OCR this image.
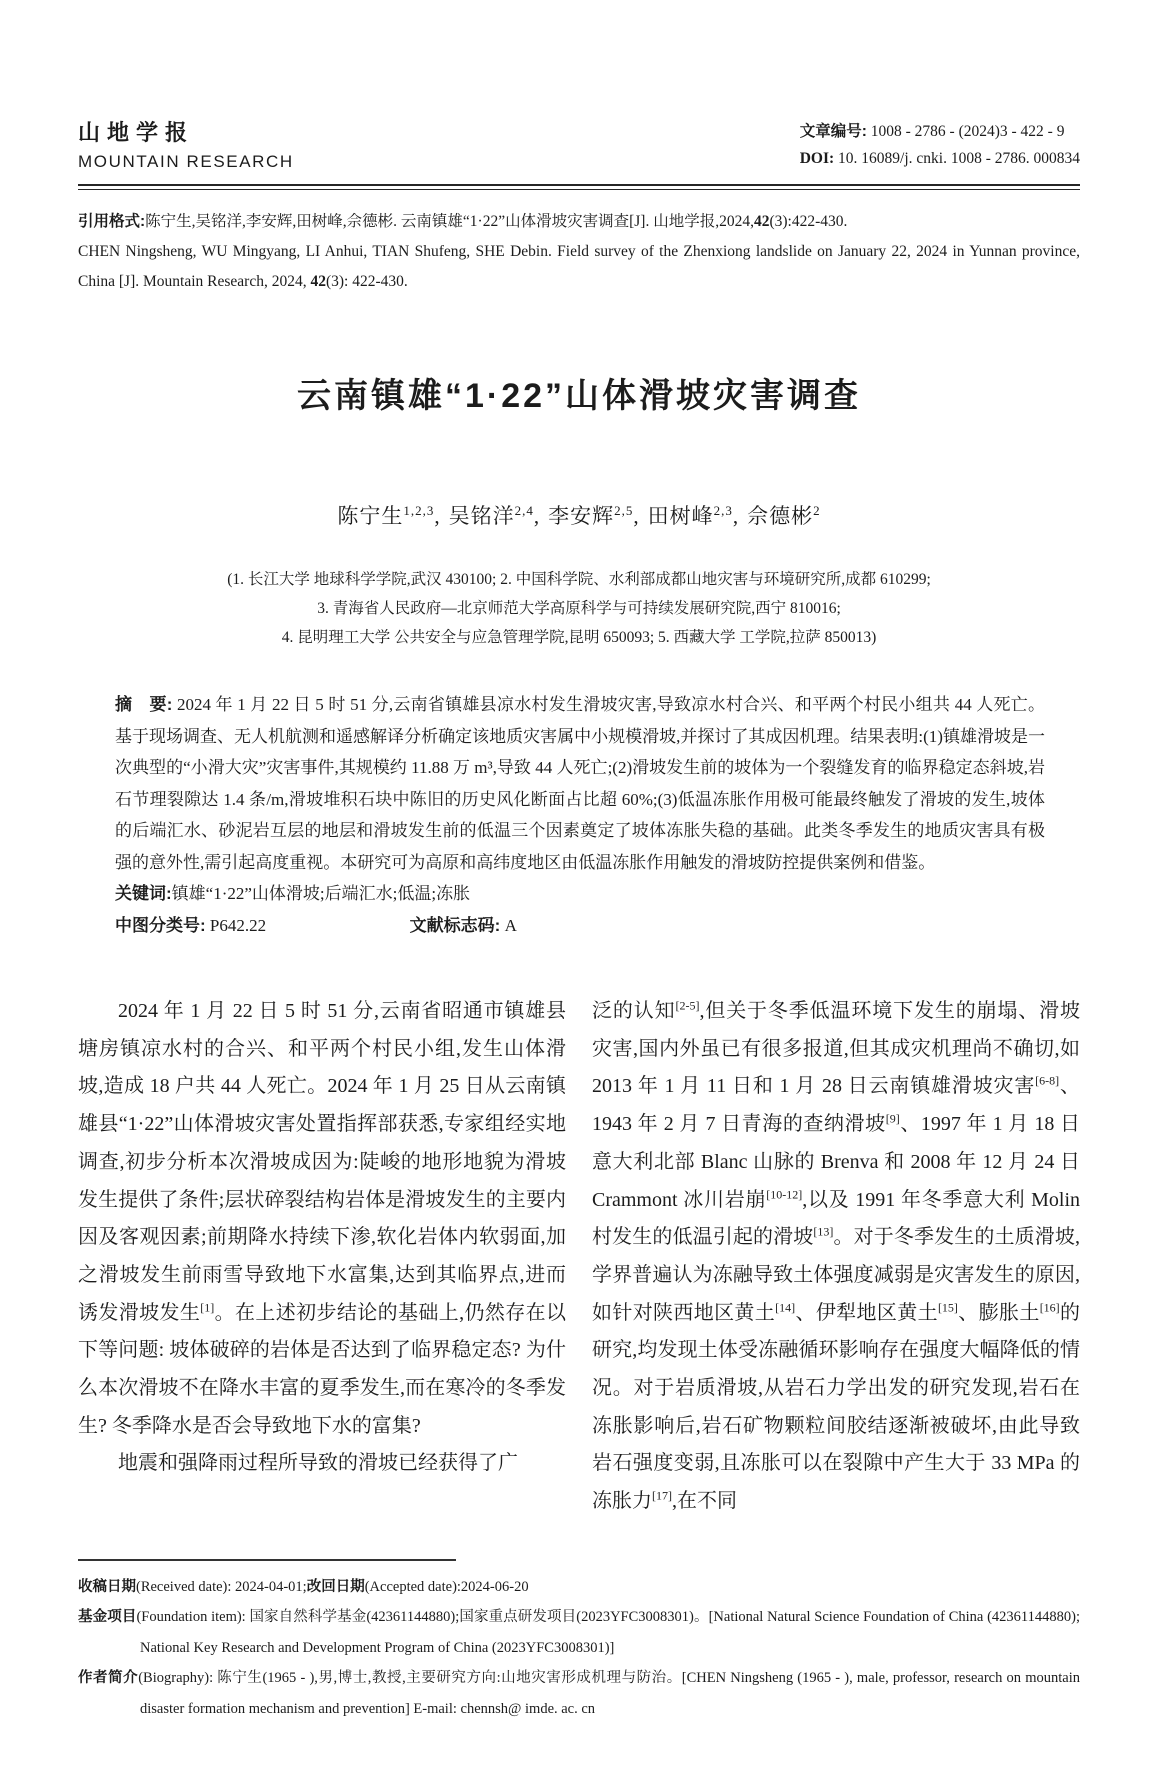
山地学报
MOUNTAIN RESEARCH
文章编号: 1008 - 2786 - (2024)3 - 422 - 9
DOI: 10. 16089/j. cnki. 1008 - 2786. 000834
引用格式:陈宁生,吴铭洋,李安辉,田树峰,佘德彬. 云南镇雄“1·22”山体滑坡灾害调查[J]. 山地学报,2024,42(3):422-430.
CHEN Ningsheng, WU Mingyang, LI Anhui, TIAN Shufeng, SHE Debin. Field survey of the Zhenxiong landslide on January 22, 2024 in Yunnan province, China [J]. Mountain Research, 2024, 42(3): 422-430.
云南镇雄“1·22”山体滑坡灾害调查
陈宁生$^{1,2,3}$, 吴铭洋$^{2,4}$, 李安辉$^{2,5}$, 田树峰$^{2,3}$, 佘德彬$^2$
(1. 长江大学 地球科学学院,武汉 430100; 2. 中国科学院、水利部成都山地灾害与环境研究所,成都 610299;
3. 青海省人民政府—北京师范大学高原科学与可持续发展研究院,西宁 810016;
4. 昆明理工大学 公共安全与应急管理学院,昆明 650093; 5. 西藏大学 工学院,拉萨 850013)
摘　要: 2024 年 1 月 22 日 5 时 51 分,云南省镇雄县凉水村发生滑坡灾害,导致凉水村合兴、和平两个村民小组共 44 人死亡。基于现场调查、无人机航测和遥感解译分析确定该地质灾害属中小规模滑坡,并探讨了其成因机理。结果表明:(1)镇雄滑坡是一次典型的“小滑大灾”灾害事件,其规模约 11.88 万 m³,导致 44 人死亡;(2)滑坡发生前的坡体为一个裂缝发育的临界稳定态斜坡,岩石节理裂隙达 1.4 条/m,滑坡堆积石块中陈旧的历史风化断面占比超 60%;(3)低温冻胀作用极可能最终触发了滑坡的发生,坡体的后端汇水、砂泥岩互层的地层和滑坡发生前的低温三个因素奠定了坡体冻胀失稳的基础。此类冬季发生的地质灾害具有极强的意外性,需引起高度重视。本研究可为高原和高纬度地区由低温冻胀作用触发的滑坡防控提供案例和借鉴。
关键词:镇雄“1·22”山体滑坡;后端汇水;低温;冻胀
中图分类号: P642.22	文献标志码: A

2024 年 1 月 22 日 5 时 51 分,云南省昭通市镇雄县塘房镇凉水村的合兴、和平两个村民小组,发生山体滑坡,造成 18 户共 44 人死亡。2024 年 1 月 25 日从云南镇雄县“1·22”山体滑坡灾害处置指挥部获悉,专家组经实地调查,初步分析本次滑坡成因为:陡峻的地形地貌为滑坡发生提供了条件;层状碎裂结构岩体是滑坡发生的主要内因及客观因素;前期降水持续下渗,软化岩体内软弱面,加之滑坡发生前雨雪导致地下水富集,达到其临界点,进而诱发滑坡发生[1]。在上述初步结论的基础上,仍然存在以下等问题: 坡体破碎的岩体是否达到了临界稳定态? 为什么本次滑坡不在降水丰富的夏季发生,而在寒冷的冬季发生? 冬季降水是否会导致地下水的富集?

地震和强降雨过程所导致的滑坡已经获得了广

泛的认知[2-5],但关于冬季低温环境下发生的崩塌、滑坡灾害,国内外虽已有很多报道,但其成灾机理尚不确切,如 2013 年 1 月 11 日和 1 月 28 日云南镇雄滑坡灾害[6-8]、1943 年 2 月 7 日青海的查纳滑坡[9]、1997 年 1 月 18 日意大利北部 Blanc 山脉的 Brenva 和 2008 年 12 月 24 日 Crammont 冰川岩崩[10-12],以及 1991 年冬季意大利 Molin 村发生的低温引起的滑坡[13]。对于冬季发生的土质滑坡,学界普遍认为冻融导致土体强度减弱是灾害发生的原因,如针对陕西地区黄土[14]、伊犁地区黄土[15]、膨胀土[16]的研究,均发现土体受冻融循环影响存在强度大幅降低的情况。对于岩质滑坡,从岩石力学出发的研究发现,岩石在冻胀影响后,岩石矿物颗粒间胶结逐渐被破坏,由此导致岩石强度变弱,且冻胀可以在裂隙中产生大于 33 MPa 的冻胀力[17],在不同

收稿日期(Received date): 2024-04-01;改回日期(Accepted date):2024-06-20
基金项目(Foundation item): 国家自然科学基金(42361144880);国家重点研发项目(2023YFC3008301)。[National Natural Science Foundation of China (42361144880); National Key Research and Development Program of China (2023YFC3008301)]
作者简介(Biography): 陈宁生(1965 - ),男,博士,教授,主要研究方向:山地灾害形成机理与防治。[CHEN Ningsheng (1965 - ), male, professor, research on mountain disaster formation mechanism and prevention] E-mail: chennsh@ imde. ac. cn
